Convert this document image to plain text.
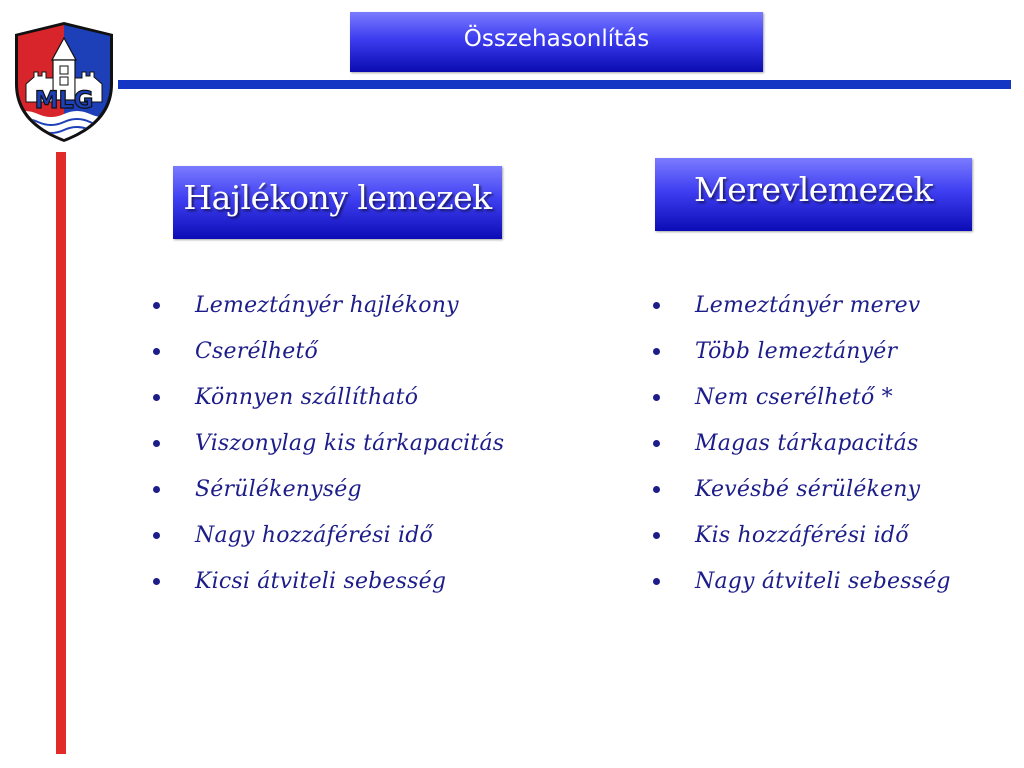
MLG
Összehasonlítás
Hajlékony lemezek	Merevlemezek
Lemeztányér hajlékony
Cserélhető
Könnyen szállítható
Viszonylag kis tárkapacitás
Sérülékenység
Nagy hozzáférési idő
Kicsi átviteli sebesség
Lemeztányér merev
Több lemeztányér
Nem cserélhető *
Magas tárkapacitás
Kevésbé sérülékeny
Kis hozzáférési idő
Nagy átviteli sebesség
